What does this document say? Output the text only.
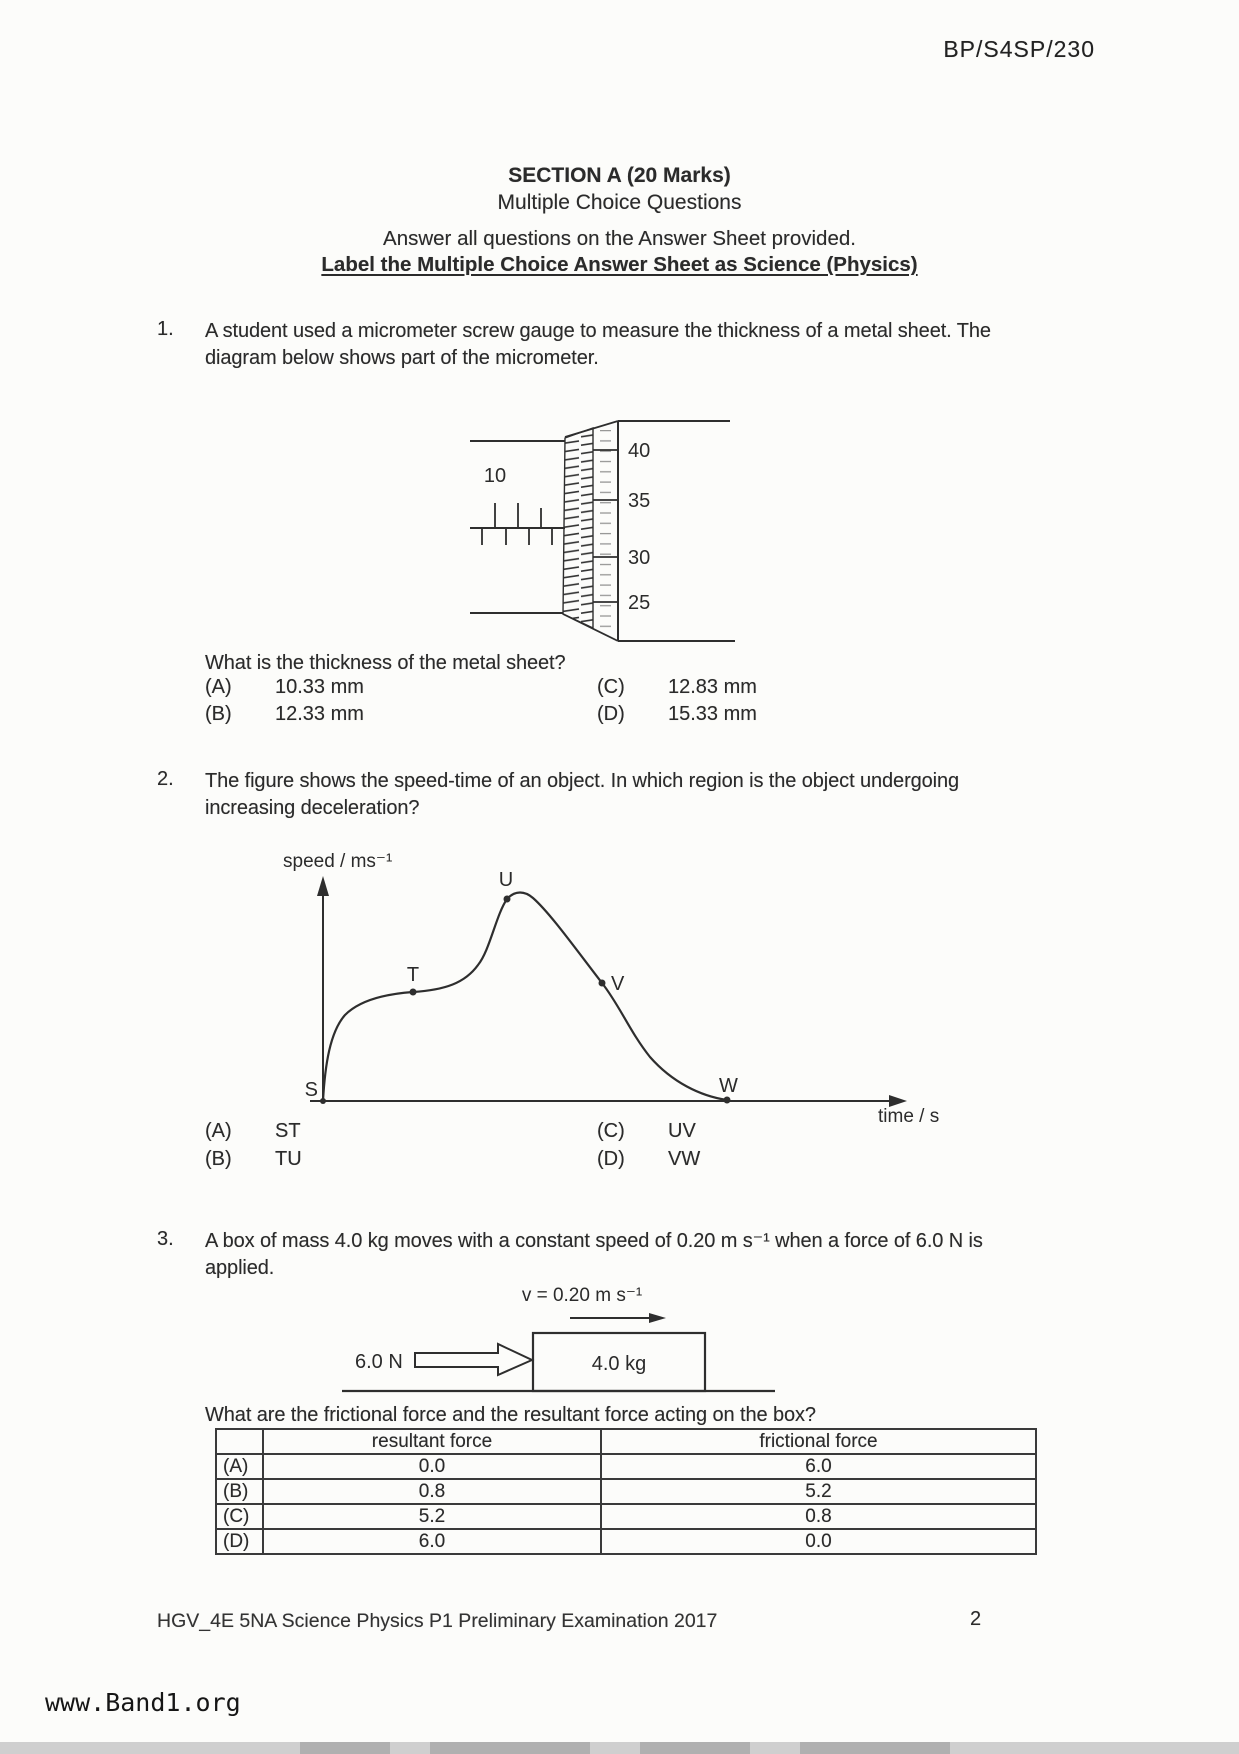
BP/S4SP/230
SECTION A (20 Marks)
Multiple Choice Questions
Answer all questions on the Answer Sheet provided.
Label the Multiple Choice Answer Sheet as Science (Physics)
1. A student used a micrometer screw gauge to measure the thickness of a metal sheet. The diagram below shows part of the micrometer.
10
40
35
30
25
What is the thickness of the metal sheet?
(A) 10.33 mm
(B) 12.33 mm
(C) 12.83 mm
(D) 15.33 mm
2. The figure shows the speed-time of an object. In which region is the object undergoing increasing deceleration?
speed / ms⁻¹
time / s
S
T
U
V
W
(A) ST
(B) TU
(C) UV
(D) VW
3. A box of mass 4.0 kg moves with a constant speed of 0.20 m s⁻¹ when a force of 6.0 N is applied.
v = 0.20 m s⁻¹
4.0 kg
6.0 N
What are the frictional force and the resultant force acting on the box?
	resultant force	frictional force
(A)	0.0	6.0
(B)	0.8	5.2
(C)	5.2	0.8
(D)	6.0	0.0
HGV_4E 5NA Science Physics P1 Preliminary Examination 2017	2
www.Band1.org
